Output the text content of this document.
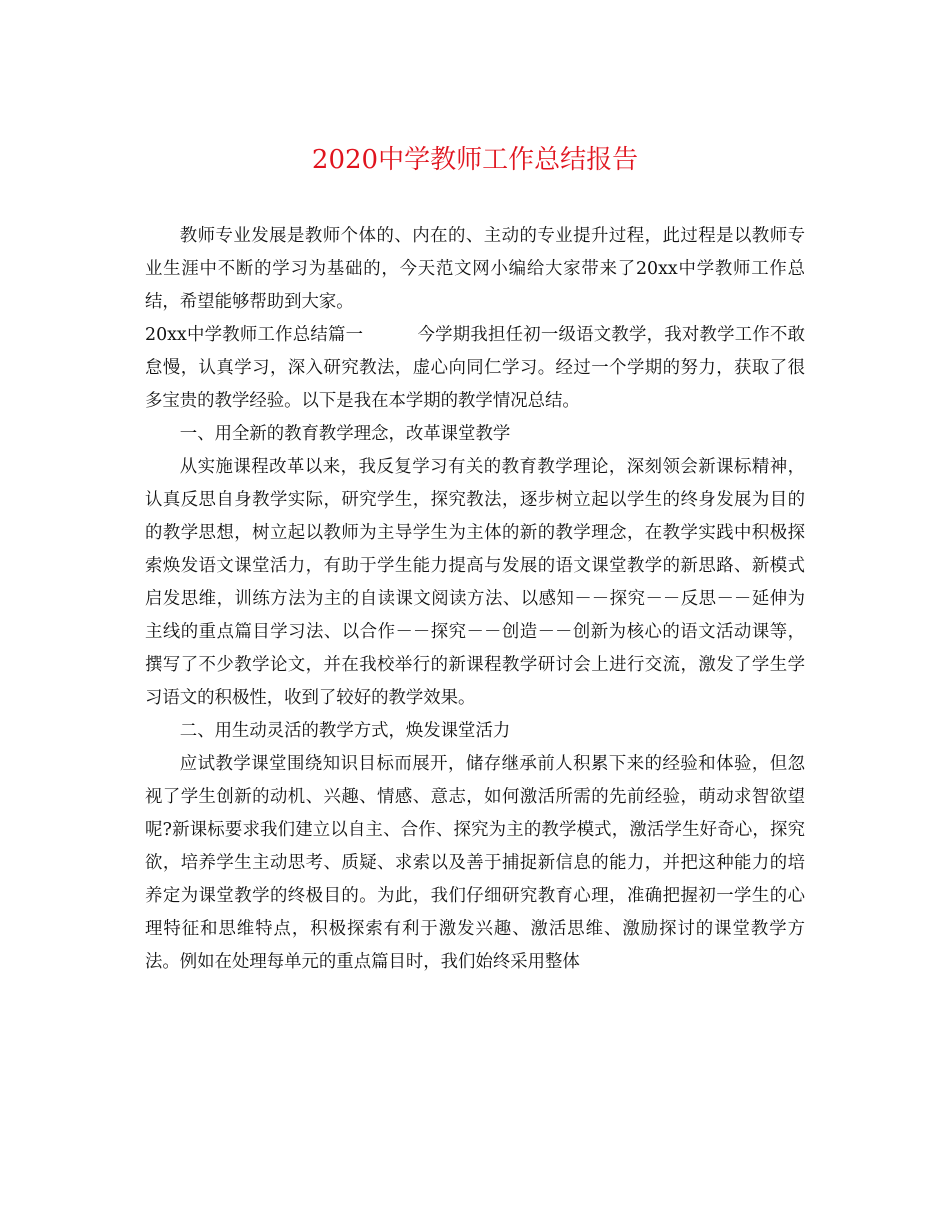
2020中学教师工作总结报告

教师专业发展是教师个体的、内在的、主动的专业提升过程，此过程是以教师专业生涯中不断的学习为基础的，今天范文网小编给大家带来了20xx中学教师工作总结，希望能够帮助到大家。

20xx中学教师工作总结篇一	今学期我担任初一级语文教学，我对教学工作不敢怠慢，认真学习，深入研究教法，虚心向同仁学习。经过一个学期的努力，获取了很多宝贵的教学经验。以下是我在本学期的教学情况总结。

一、用全新的教育教学理念，改革课堂教学

从实施课程改革以来，我反复学习有关的教育教学理论，深刻领会新课标精神，认真反思自身教学实际，研究学生，探究教法，逐步树立起以学生的终身发展为目的的教学思想，树立起以教师为主导学生为主体的新的教学理念，在教学实践中积极探索焕发语文课堂活力，有助于学生能力提高与发展的语文课堂教学的新思路、新模式启发思维，训练方法为主的自读课文阅读方法、以感知－－探究－－反思－－延伸为主线的重点篇目学习法、以合作－－探究－－创造－－创新为核心的语文活动课等，撰写了不少教学论文，并在我校举行的新课程教学研讨会上进行交流，激发了学生学习语文的积极性，收到了较好的教学效果。

二、用生动灵活的教学方式，焕发课堂活力

应试教学课堂围绕知识目标而展开，储存继承前人积累下来的经验和体验，但忽视了学生创新的动机、兴趣、情感、意志，如何激活所需的先前经验，萌动求智欲望呢?新课标要求我们建立以自主、合作、探究为主的教学模式，激活学生好奇心，探究欲，培养学生主动思考、质疑、求索以及善于捕捉新信息的能力，并把这种能力的培养定为课堂教学的终极目的。为此，我们仔细研究教育心理，准确把握初一学生的心理特征和思维特点，积极探索有利于激发兴趣、激活思维、激励探讨的课堂教学方法。例如在处理每单元的重点篇目时，我们始终采用整体
